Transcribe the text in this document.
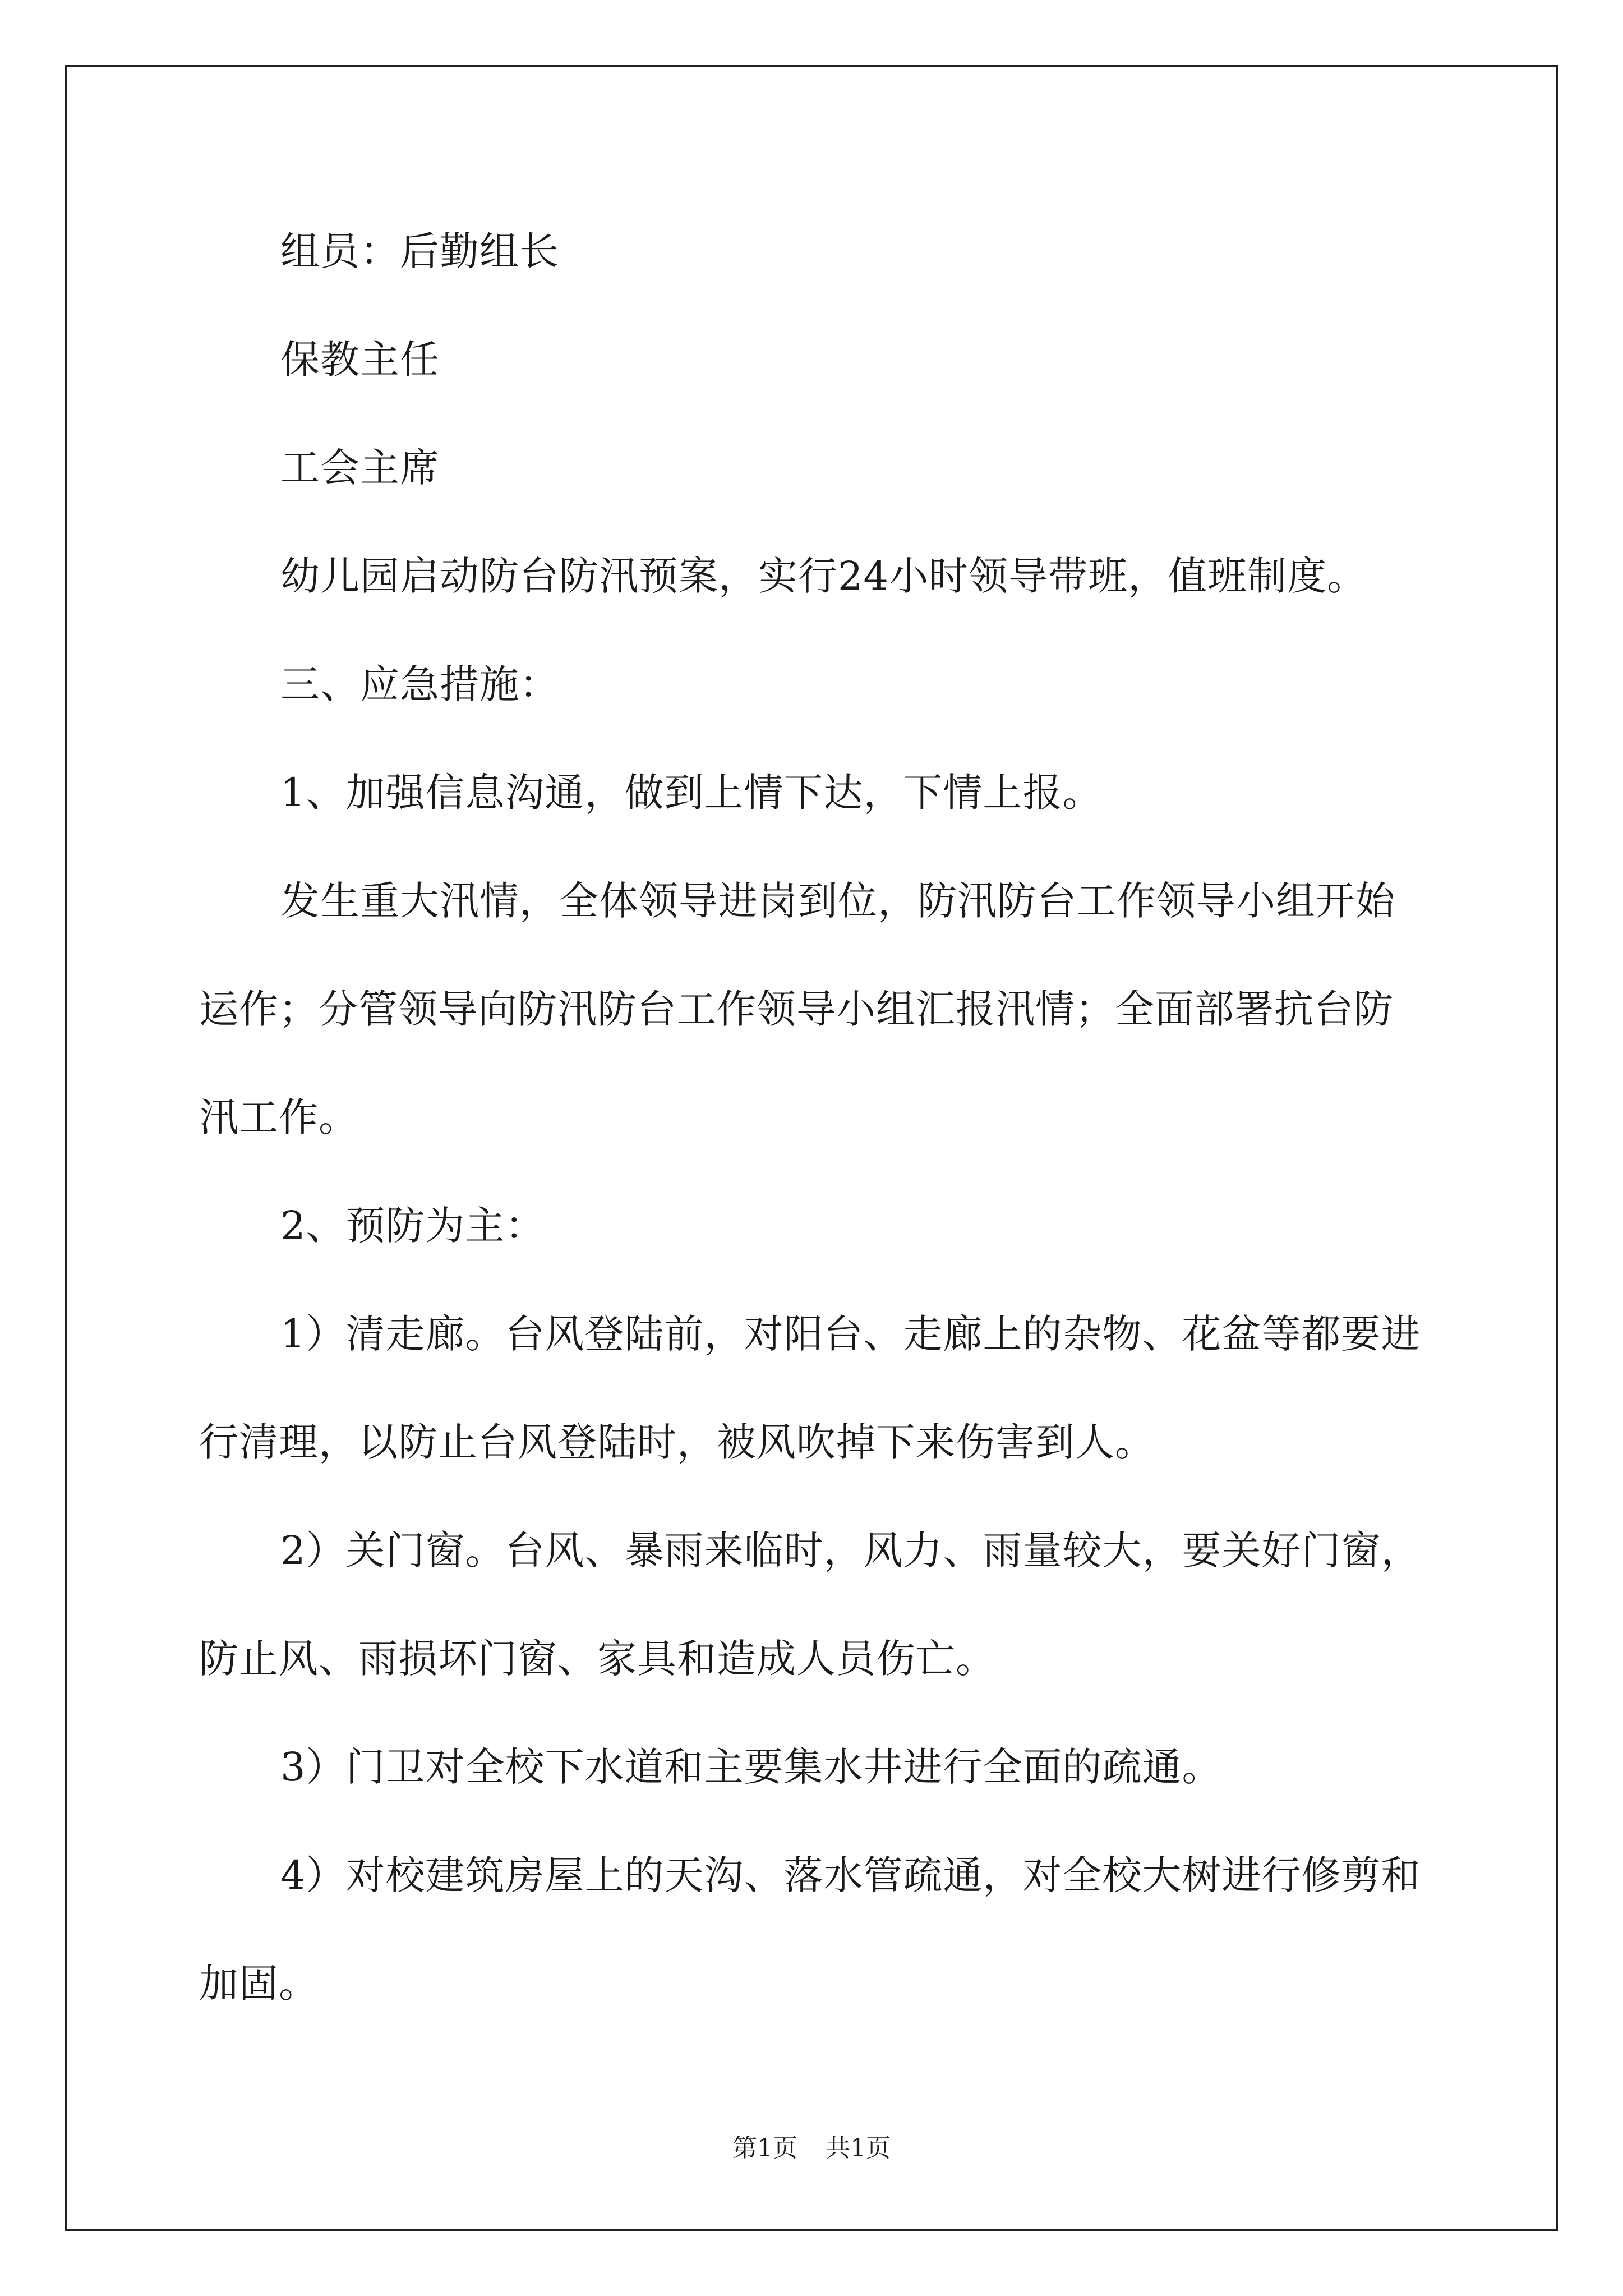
组员：后勤组长

保教主任

工会主席

幼儿园启动防台防汛预案，实行24小时领导带班，值班制度。

三、应急措施：

1、加强信息沟通，做到上情下达，下情上报。

发生重大汛情，全体领导进岗到位，防汛防台工作领导小组开始运作；分管领导向防汛防台工作领导小组汇报汛情；全面部署抗台防汛工作。

2、预防为主：

1）清走廊。台风登陆前，对阳台、走廊上的杂物、花盆等都要进行清理，以防止台风登陆时，被风吹掉下来伤害到人。

2）关门窗。台风、暴雨来临时，风力、雨量较大，要关好门窗，防止风、雨损坏门窗、家具和造成人员伤亡。

3）门卫对全校下水道和主要集水井进行全面的疏通。

4）对校建筑房屋上的天沟、落水管疏通，对全校大树进行修剪和加固。

第1页 共1页
